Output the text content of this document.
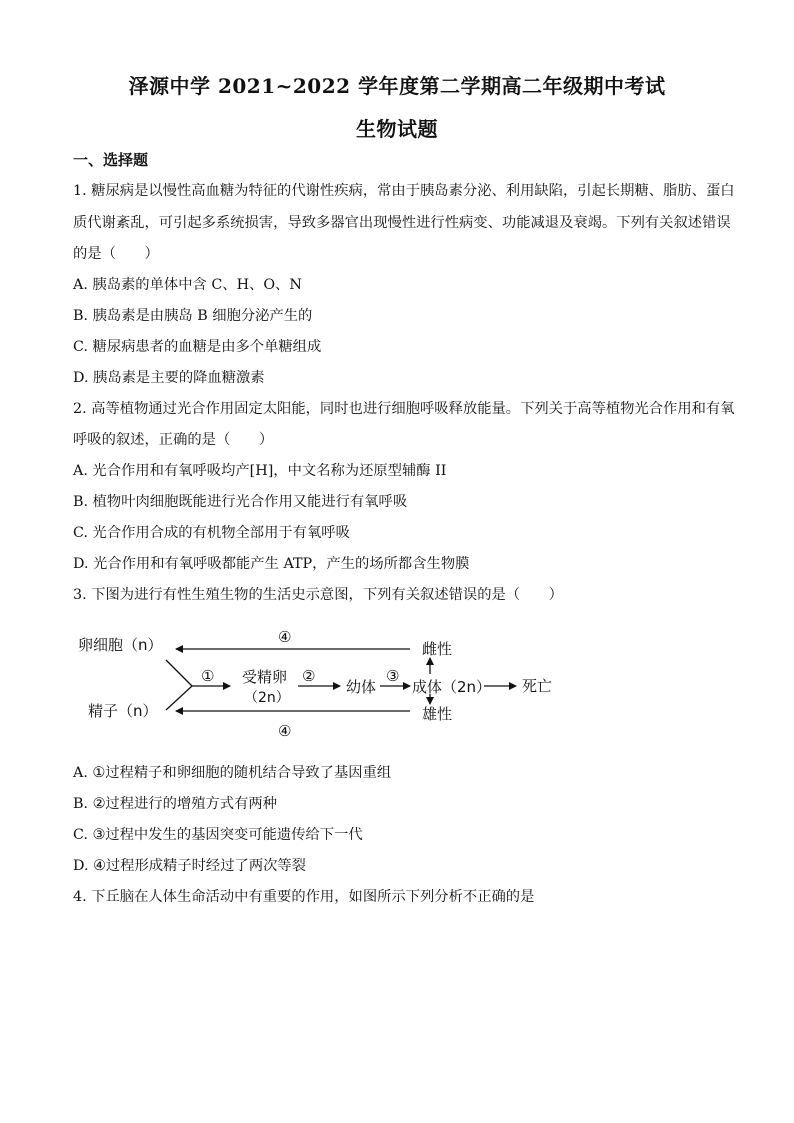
泽源中学 2021~2022 学年度第二学期高二年级期中考试
生物试题
一、选择题
1. 糖尿病是以慢性高血糖为特征的代谢性疾病，常由于胰岛素分泌、利用缺陷，引起长期糖、脂肪、蛋白
质代谢紊乱，可引起多系统损害，导致多器官出现慢性进行性病变、功能减退及衰竭。下列有关叙述错误
的是（　　）
A. 胰岛素的单体中含 C、H、O、N
B. 胰岛素是由胰岛 B 细胞分泌产生的
C. 糖尿病患者的血糖是由多个单糖组成
D. 胰岛素是主要的降血糖激素
2. 高等植物通过光合作用固定太阳能，同时也进行细胞呼吸释放能量。下列关于高等植物光合作用和有氧
呼吸的叙述，正确的是（　　）
A. 光合作用和有氧呼吸均产[H]，中文名称为还原型辅酶 II
B. 植物叶肉细胞既能进行光合作用又能进行有氧呼吸
C. 光合作用合成的有机物全部用于有氧呼吸
D. 光合作用和有氧呼吸都能产生 ATP，产生的场所都含生物膜
3. 下图为进行有性生殖生物的生活史示意图，下列有关叙述错误的是（　　）
卵细胞（n）
精子（n）
④
④
①	②	③
受精卵
（2n）
幼体 成体（2n） 死亡
雌性
雄性
A. ①过程精子和卵细胞的随机结合导致了基因重组
B. ②过程进行的增殖方式有两种
C. ③过程中发生的基因突变可能遗传给下一代
D. ④过程形成精子时经过了两次等裂
4. 下丘脑在人体生命活动中有重要的作用，如图所示下列分析不正确的是
